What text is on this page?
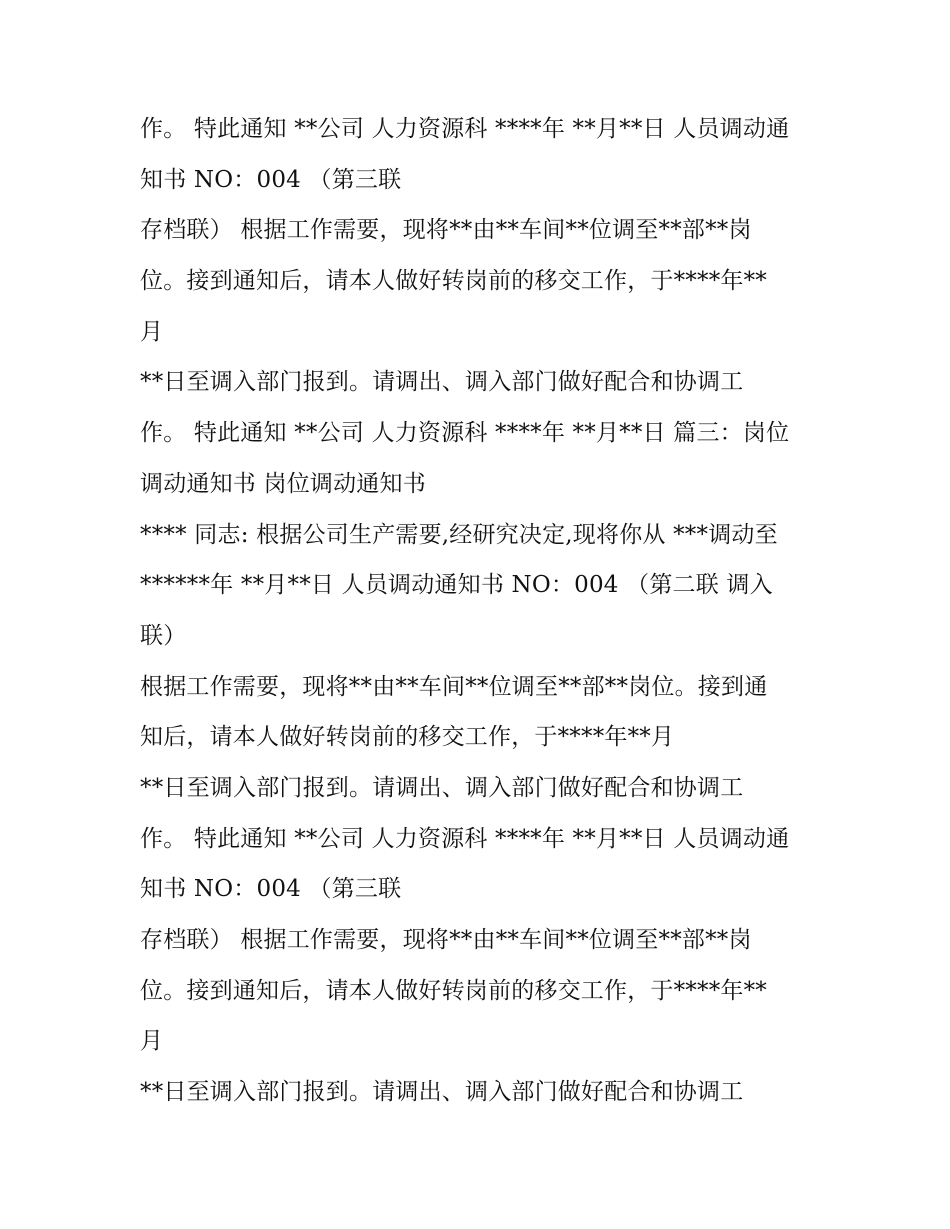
作。 特此通知 **公司 人力资源科 ****年 **月**日 人员调动通
知书 NO：004 （第三联
存档联） 根据工作需要，现将**由**车间**位调至**部**岗
位。接到通知后，请本人做好转岗前的移交工作，于****年**
月
**日至调入部门报到。请调出、调入部门做好配合和协调工
作。 特此通知 **公司 人力资源科 ****年 **月**日 篇三：岗位
调动通知书 岗位调动通知书
**** 同志: 根据公司生产需要,经研究决定,现将你从 ***调动至
******年 **月**日 人员调动通知书 NO：004 （第二联 调入
联）
根据工作需要，现将**由**车间**位调至**部**岗位。接到通
知后，请本人做好转岗前的移交工作，于****年**月
**日至调入部门报到。请调出、调入部门做好配合和协调工
作。 特此通知 **公司 人力资源科 ****年 **月**日 人员调动通
知书 NO：004 （第三联
存档联） 根据工作需要，现将**由**车间**位调至**部**岗
位。接到通知后，请本人做好转岗前的移交工作，于****年**
月
**日至调入部门报到。请调出、调入部门做好配合和协调工
